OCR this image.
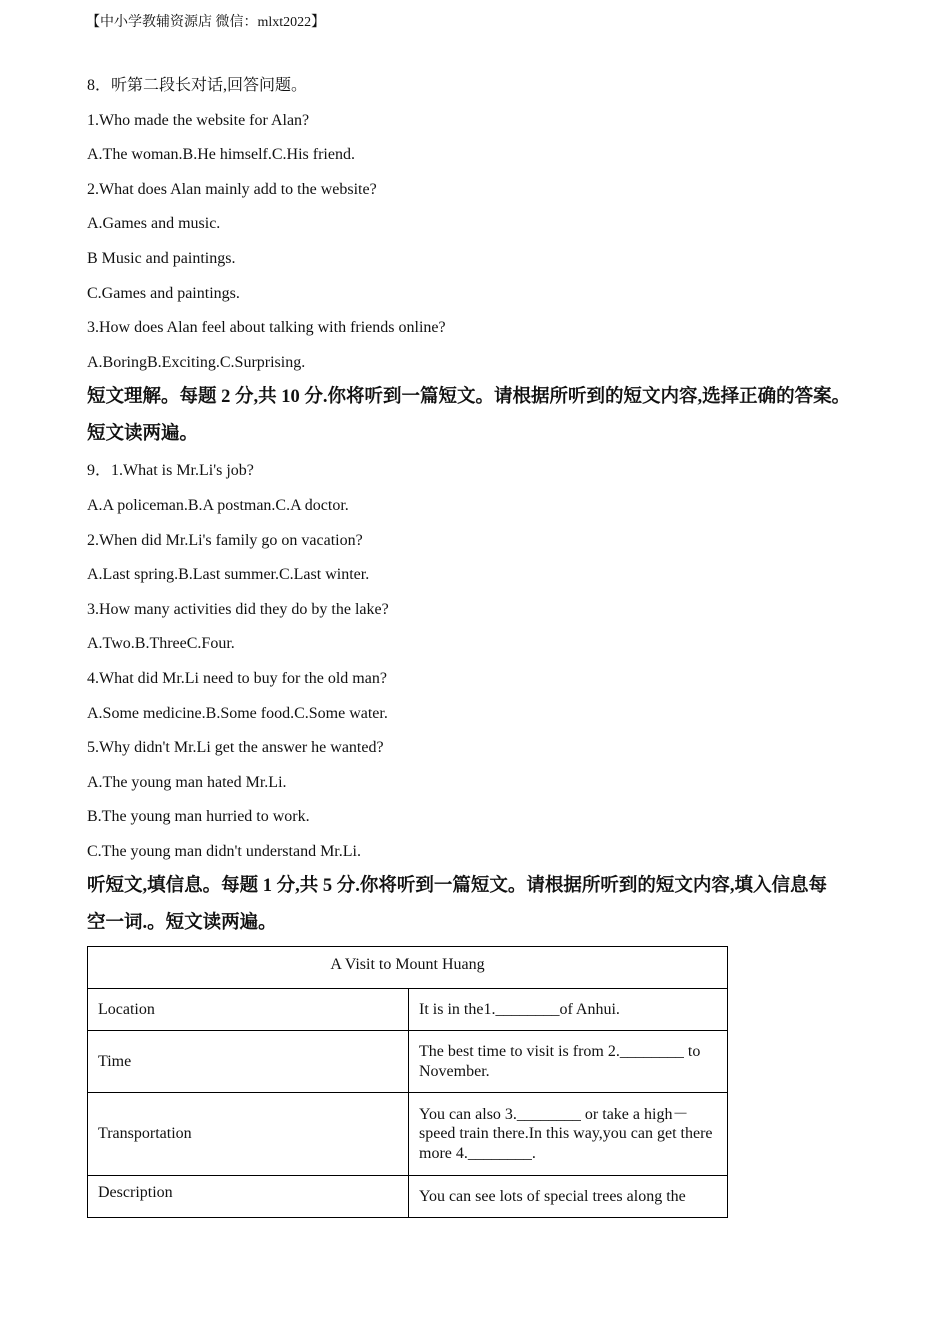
【中小学教辅资源店 微信：mlxt2022】
8．听第二段长对话,回答问题。
1.Who made the website for Alan?
A.The woman.B.He himself.C.His friend.
2.What does Alan mainly add to the website?
A.Games and music.
B Music and paintings.
C.Games and paintings.
3.How does Alan feel about talking with friends online?
A.BoringB.Exciting.C.Surprising.
短文理解。每题 2 分,共 10 分.你将听到一篇短文。请根据所听到的短文内容,选择正确的答案。
短文读两遍。
9．1.What is Mr.Li's job?
A.A policeman.B.A postman.C.A doctor.
2.When did Mr.Li's family go on vacation?
A.Last spring.B.Last summer.C.Last winter.
3.How many activities did they do by the lake?
A.Two.B.ThreeC.Four.
4.What did Mr.Li need to buy for the old man?
A.Some medicine.B.Some food.C.Some water.
5.Why didn't Mr.Li get the answer he wanted?
A.The young man hated Mr.Li.
B.The young man hurried to work.
C.The young man didn't understand Mr.Li.
听短文,填信息。每题 1 分,共 5 分.你将听到一篇短文。请根据所听到的短文内容,填入信息每
空一词.。短文读两遍。
A Visit to Mount Huang	
Location	It is in the1.________of Anhui.
Time	The best time to visit is from 2.________ to November.
Transportation	You can also 3.________ or take a high－speed train there.In this way,you can get there more 4.________.
Description	You can see lots of special trees along the
